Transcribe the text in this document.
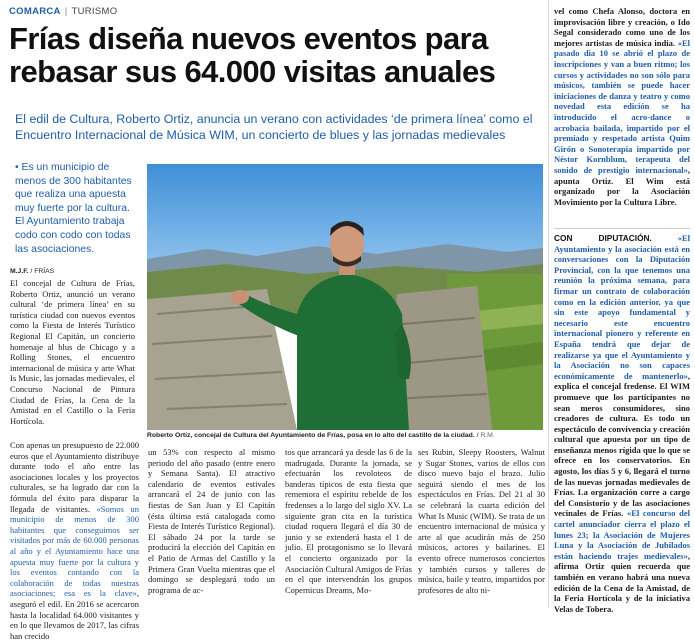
COMARCA | TURISMO
Frías diseña nuevos eventos para
rebasar sus 64.000 visitas anuales
El edil de Cultura, Roberto Ortiz, anuncia un verano con actividades ‘de primera línea’ como el Encuentro Internacional de Música WIM, un concierto de blues y las jornadas medievales
• Es un municipio de menos de 300 habitantes que realiza una apuesta muy fuerte por la cultura. El Ayuntamiento trabaja codo con codo con todas las asociaciones.
M.J.F. / FRÍAS
El concejal de Cultura de Frías, Roberto Ortiz, anunció un verano cultural ‘de primera línea’ en su turística ciudad con nuevos eventos como la Fiesta de Interés Turístico Regional El Capitán, un concierto homenaje al blus de Chicago y a Rolling Stones, el encuentro internacional de música y arte What Is Music, las jornadas medievales, el Concurso Nacional de Pintura Ciudad de Frías, la Cena de la Amistad en el Castillo o la Feria Hortícola.
Con apenas un presupuesto de 22.000 euros que el Ayuntamiento distribuye durante todo el año entre las asociaciones locales y los proyectos culturales, se ha logrado dar con la fórmula del éxito para disparar la llegada de visitantes. «Somos un municipio de menos de 300 habitantes que conseguimos ser visitados por más de 60.000 personas al año y el Ayuntamiento hace una apuesta muy fuerte por la cultura y los eventos contando con la colaboración de todas nuestras asociaciones; esa es la clave», aseguró el edil. En 2016 se acercaron hasta la localidad 64.000 visitantes y en lo que llevamos de 2017, las cifras han crecido
Roberto Ortiz, concejal de Cultura del Ayuntamiento de Frías, posa en lo alto del castillo de la ciudad. / R.M.
un 53% con respecto al mismo periodo del año pasado (entre enero y Semana Santa). El atractivo calendario de eventos estivales arrancará el 24 de junio con las fiestas de San Juan y El Capitán (ésta última está catalogada como Fiesta de Interés Turístico Regional). El sábado 24 por la tarde se producirá la elección del Capitán en el Patio de Armas del Castillo y la Primera Gran Vuelta mientras que el domingo se desplegará todo un programa de ac-
tos que arrancará ya desde las 6 de la madrugada. Durante la jornada, se efectuarán los revoloteos de banderas típicos de esta fiesta que rememora el espíritu rebelde de los fredenses a lo largo del siglo XV. La siguiente gran cita en la turística ciudad roquera llegará el día 30 de junio y se extenderá hasta el 1 de julio. El protagonismo se lo llevará el concierto organizado por la Asociación Cultural Amigos de Frías en el que intervendrán los grupos Copernicus Dreams, Mo-
ses Rubin, Sleepy Roosters, Walnut y Sugar Stones, varios de ellos con disco nuevo bajo el brazo. Julio seguirá siendo el mes de los espectáculos en Frías. Del 21 al 30 se celebrará la cuarta edición del What Is Music (WIM). Se trata de un encuentro internacional de música y arte al que acudirán más de 250 músicos, actores y bailarines. El evento ofrece numerosos conciertos y también cursos y talleres de música, baile y teatro, impartidos por profesores de alto ni-
vel como Chefa Alonso, doctora en improvisación libre y creación, o Ido Segal considerado como uno de los mejores artistas de música india. «El pasado día 10 se abrió el plazo de inscripciones y van a buen ritmo; los cursos y actividades no son sólo para músicos, también se puede hacer iniciaciones de danza y teatro y como novedad esta edición se ha introducido el acro-dance o acrobacia bailada, impartido por el premiado y respetado artista Quim Girón o Sonoterapia impartido por Néstor Kornblum, terapeuta del sonido de prestigio internacional», apunta Ortiz. El Wim está organizado por la Asociación Movimiento por la Cultura Libre.
CON DIPUTACIÓN. «El Ayuntamiento y la asociación está en conversaciones con la Diputación Provincial, con la que tenemos una reunión la próxima semana, para firmar un contrato de colaboración como en la edición anterior, ya que sin este apoyo fundamental y necesario este encuentro internacional pionero y referente en España tendrá que dejar de realizarse ya que el Ayuntamiento y la Asociación no son capaces económicamente de mantenerlo», explica el concejal fredense. El WIM promueve que los participantes no sean meros consumidores, sino creadores de cultura. Es todo un espectáculo de convivencia y creación cultural que apuesta por un tipo de enseñanza menos rígida que lo que se ofrece en los conservatorios. En agosto, los días 5 y 6, llegará el turno de las nuevas jornadas medievales de Frías. La organización corre a cargo del Consistorio y de las asociaciones vecinales de Frías. «El concurso del cartel anunciador cierra el plazo el lunes 23; la Asociación de Mujeres Luna y la Asociación de Jubilados están haciendo trajes medievales», afirma Ortiz quien recuerda que también en verano habrá una nueva edición de la Cena de la Amistad, de la Feria Hortícola y de la iniciativa Velas de Tobera.
